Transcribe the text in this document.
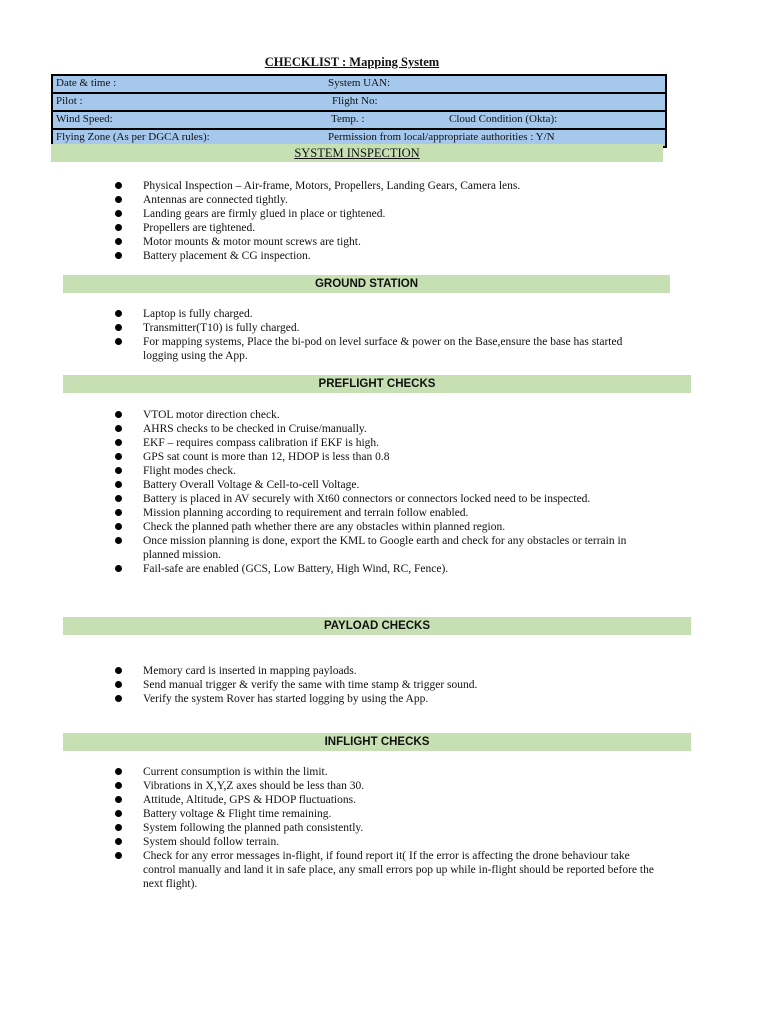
CHECKLIST : Mapping System
Date & time :	System UAN:
Pilot :	Flight No:
Wind Speed:	Temp. :	Cloud Condition (Okta):
Flying Zone (As per DGCA rules):	Permission from local/appropriate authorities : Y/N
SYSTEM INSPECTION
Physical Inspection – Air-frame, Motors, Propellers, Landing Gears, Camera lens.
Antennas are connected tightly.
Landing gears are firmly glued in place or tightened.
Propellers are tightened.
Motor mounts & motor mount screws are tight.
Battery placement & CG inspection.
GROUND STATION
Laptop is fully charged.
Transmitter(T10) is fully charged.
For mapping systems, Place the bi-pod on level surface & power on the Base,ensure the base has started logging using the App.
PREFLIGHT CHECKS
VTOL motor direction check.
AHRS checks to be checked in Cruise/manually.
EKF – requires compass calibration if EKF is high.
GPS sat count is more than 12, HDOP is less than 0.8
Flight modes check.
Battery Overall Voltage & Cell-to-cell Voltage.
Battery is placed in AV securely with Xt60 connectors or connectors locked need to be inspected.
Mission planning according to requirement and terrain follow enabled.
Check the planned path whether there are any obstacles within planned region.
Once mission planning is done, export the KML to Google earth and check for any obstacles or terrain in planned mission.
Fail-safe are enabled (GCS, Low Battery, High Wind, RC, Fence).
PAYLOAD CHECKS
Memory card is inserted in mapping payloads.
Send manual trigger & verify the same with time stamp & trigger sound.
Verify the system Rover has started logging by using the App.
INFLIGHT CHECKS
Current consumption is within the limit.
Vibrations in X,Y,Z axes should be less than 30.
Attitude, Altitude, GPS & HDOP fluctuations.
Battery voltage & Flight time remaining.
System following the planned path consistently.
System should follow terrain.
Check for any error messages in-flight, if found report it( If the error is affecting the drone behaviour take control manually and land it in safe place, any small errors pop up while in-flight should be reported before the next flight).
